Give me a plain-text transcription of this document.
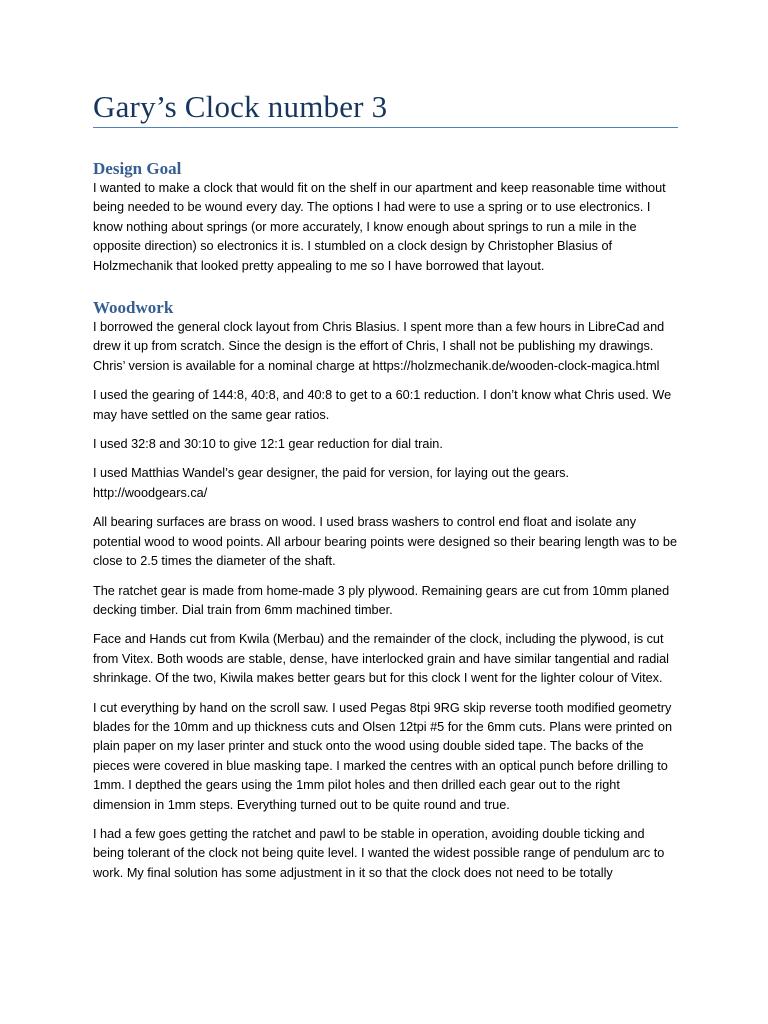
Gary’s Clock number 3
Design Goal

I wanted to make a clock that would fit on the shelf in our apartment and keep reasonable time without being needed to be wound every day. The options I had were to use a spring or to use electronics. I know nothing about springs (or more accurately, I know enough about springs to run a mile in the opposite direction) so electronics it is. I stumbled on a clock design by Christopher Blasius of Holzmechanik that looked pretty appealing to me so I have borrowed that layout.

Woodwork

I borrowed the general clock layout from Chris Blasius. I spent more than a few hours in LibreCad and drew it up from scratch. Since the design is the effort of Chris, I shall not be publishing my drawings. Chris’ version is available for a nominal charge at https://holzmechanik.de/wooden-clock-magica.html

I used the gearing of 144:8, 40:8, and 40:8 to get to a 60:1 reduction. I don’t know what Chris used. We may have settled on the same gear ratios.

I used 32:8 and 30:10 to give 12:1 gear reduction for dial train.

I used Matthias Wandel’s gear designer, the paid for version, for laying out the gears. http://woodgears.ca/

All bearing surfaces are brass on wood. I used brass washers to control end float and isolate any potential wood to wood points. All arbour bearing points were designed so their bearing length was to be close to 2.5 times the diameter of the shaft.

The ratchet gear is made from home-made 3 ply plywood. Remaining gears are cut from 10mm planed decking timber. Dial train from 6mm machined timber.

Face and Hands cut from Kwila (Merbau) and the remainder of the clock, including the plywood, is cut from Vitex. Both woods are stable, dense, have interlocked grain and have similar tangential and radial shrinkage. Of the two, Kiwila makes better gears but for this clock I went for the lighter colour of Vitex.

I cut everything by hand on the scroll saw. I used Pegas 8tpi 9RG skip reverse tooth modified geometry blades for the 10mm and up thickness cuts and Olsen 12tpi #5 for the 6mm cuts. Plans were printed on plain paper on my laser printer and stuck onto the wood using double sided tape. The backs of the pieces were covered in blue masking tape. I marked the centres with an optical punch before drilling to 1mm. I depthed the gears using the 1mm pilot holes and then drilled each gear out to the right dimension in 1mm steps. Everything turned out to be quite round and true.

I had a few goes getting the ratchet and pawl to be stable in operation, avoiding double ticking and being tolerant of the clock not being quite level. I wanted the widest possible range of pendulum arc to work. My final solution has some adjustment in it so that the clock does not need to be totally
